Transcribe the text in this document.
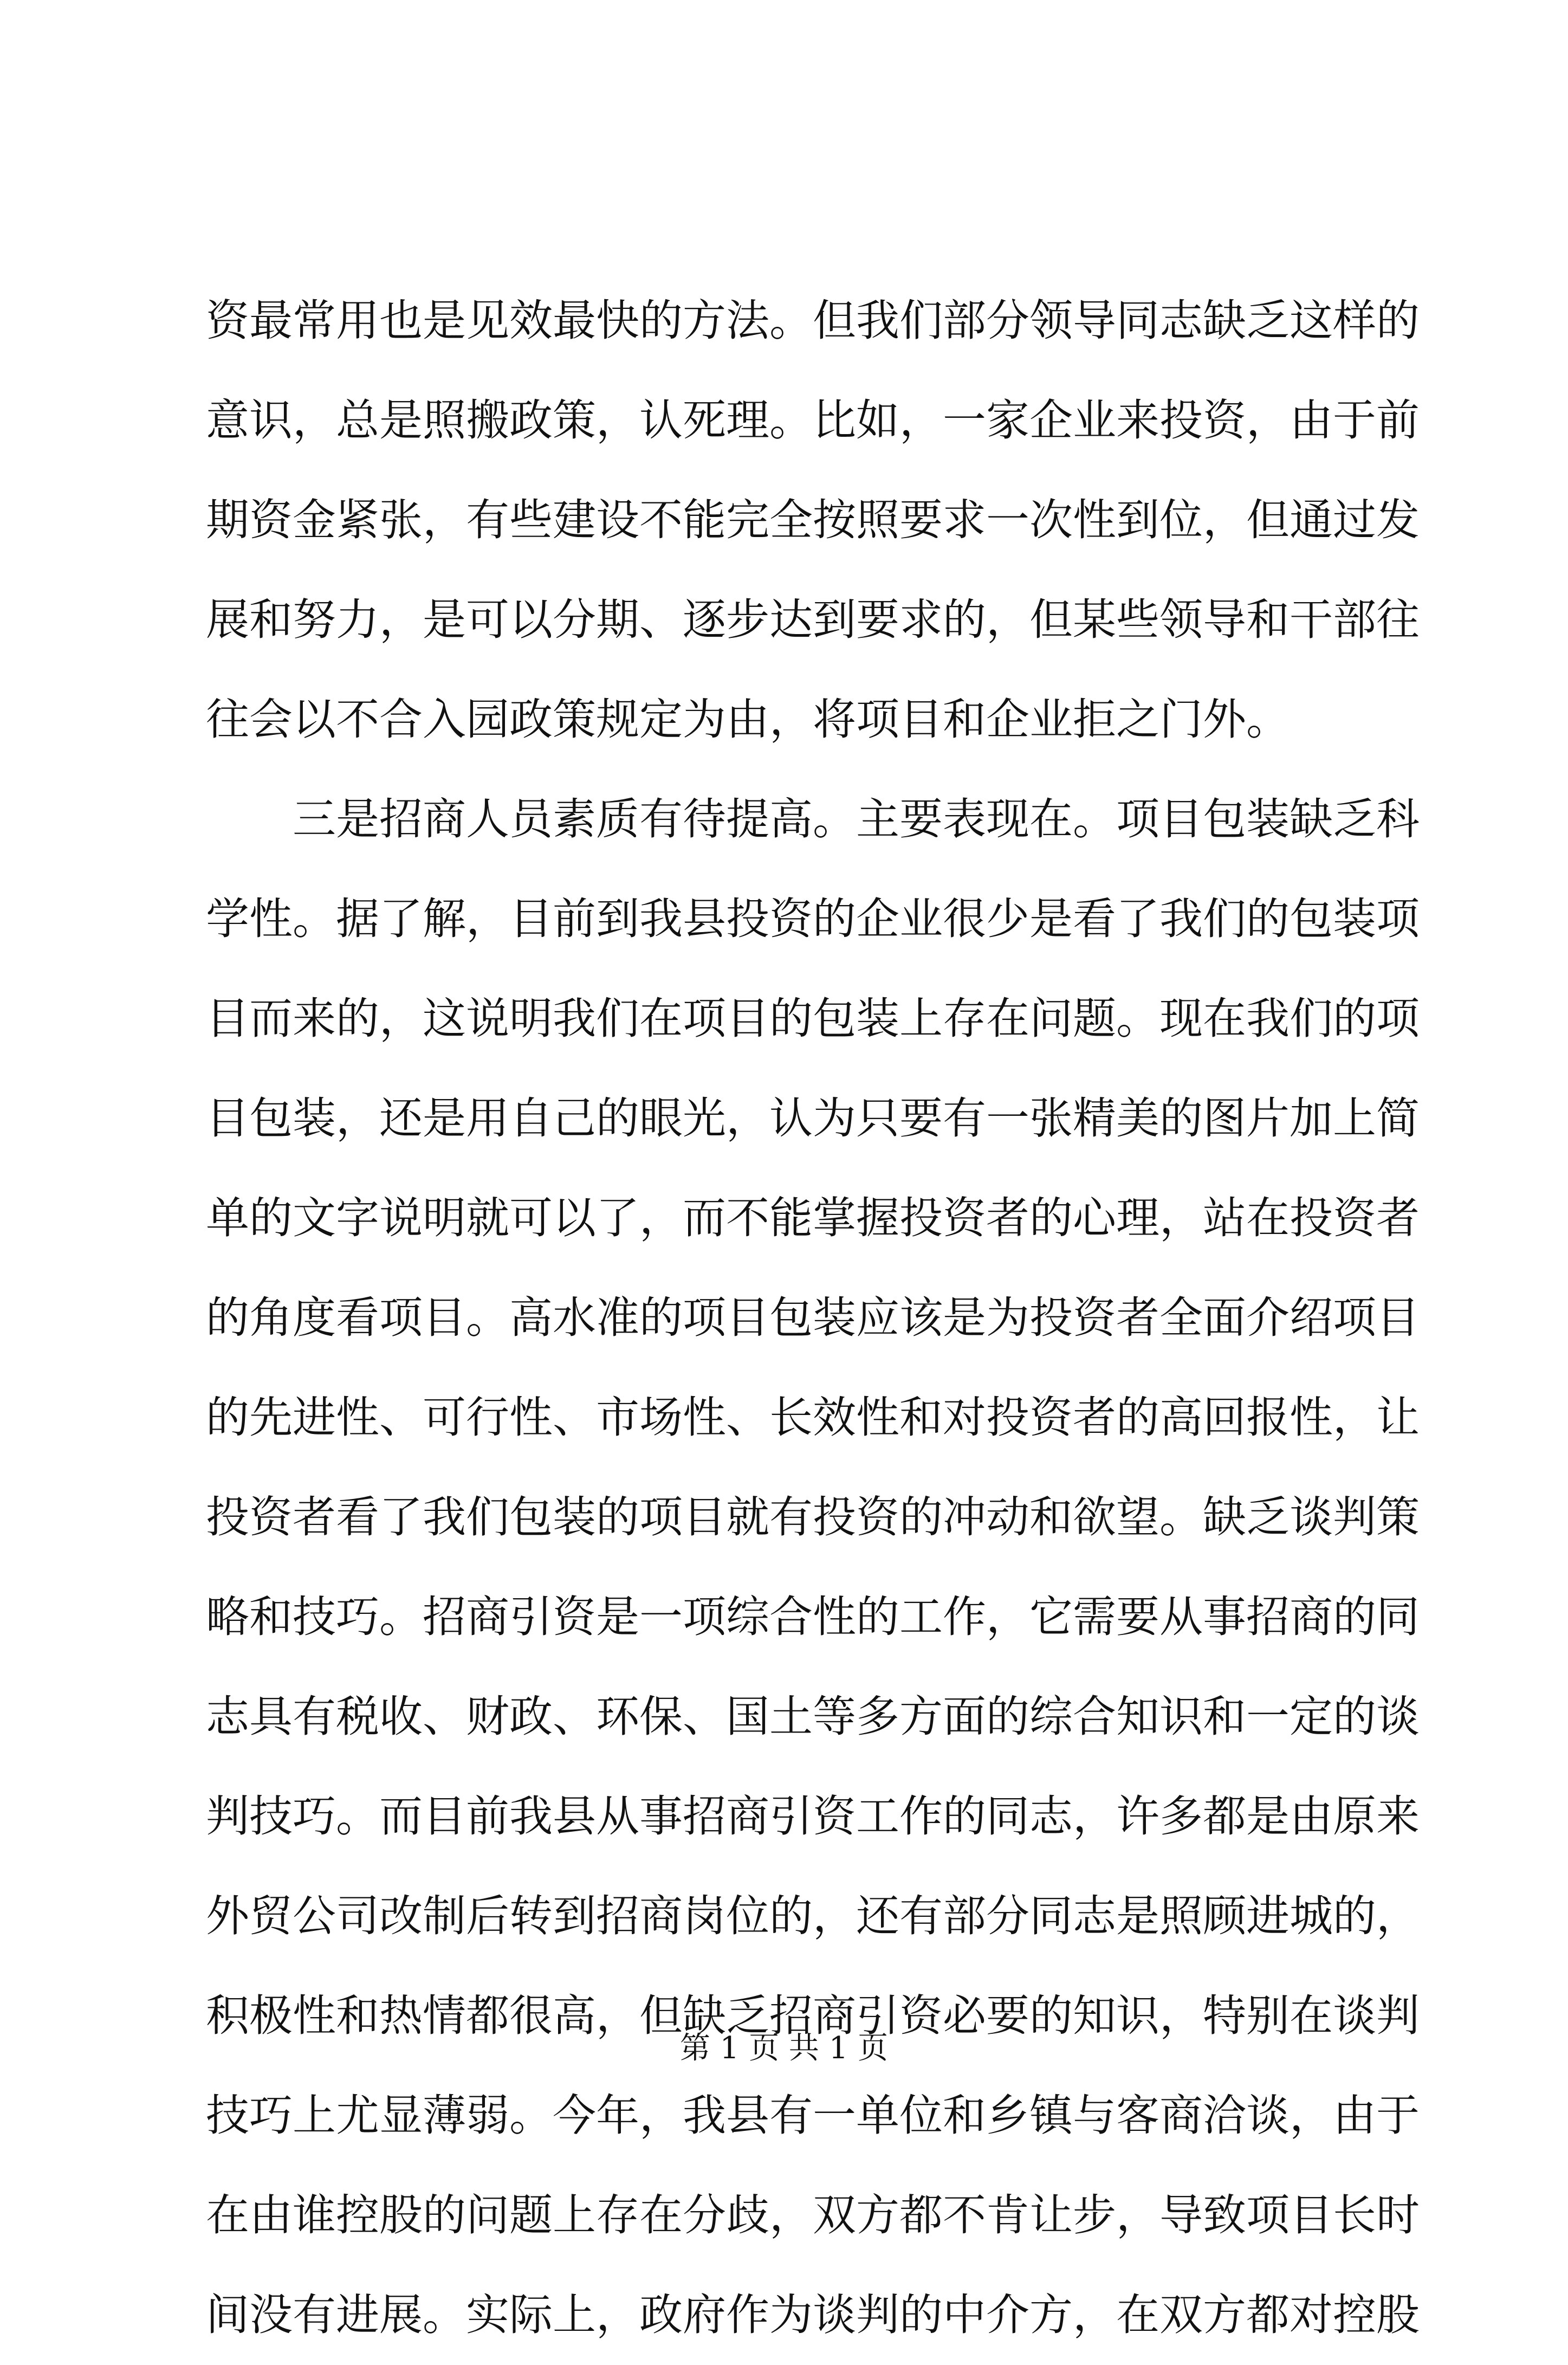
资最常用也是见效最快的方法。但我们部分领导同志缺乏这样的
意识，总是照搬政策，认死理。比如，一家企业来投资，由于前
期资金紧张，有些建设不能完全按照要求一次性到位，但通过发
展和努力，是可以分期、逐步达到要求的，但某些领导和干部往
往会以不合入园政策规定为由，将项目和企业拒之门外。
　　三是招商人员素质有待提高。主要表现在。项目包装缺乏科
学性。据了解，目前到我县投资的企业很少是看了我们的包装项
目而来的，这说明我们在项目的包装上存在问题。现在我们的项
目包装，还是用自己的眼光，认为只要有一张精美的图片加上简
单的文字说明就可以了，而不能掌握投资者的心理，站在投资者
的角度看项目。高水准的项目包装应该是为投资者全面介绍项目
的先进性、可行性、市场性、长效性和对投资者的高回报性，让
投资者看了我们包装的项目就有投资的冲动和欲望。缺乏谈判策
略和技巧。招商引资是一项综合性的工作，它需要从事招商的同
志具有税收、财政、环保、国土等多方面的综合知识和一定的谈
判技巧。而目前我县从事招商引资工作的同志，许多都是由原来
外贸公司改制后转到招商岗位的，还有部分同志是照顾进城的，
积极性和热情都很高，但缺乏招商引资必要的知识，特别在谈判
技巧上尤显薄弱。今年，我县有一单位和乡镇与客商洽谈，由于
在由谁控股的问题上存在分歧，双方都不肯让步，导致项目长时
间没有进展。实际上，政府作为谈判的中介方，在双方都对控股
第 1 页 共 1 页
